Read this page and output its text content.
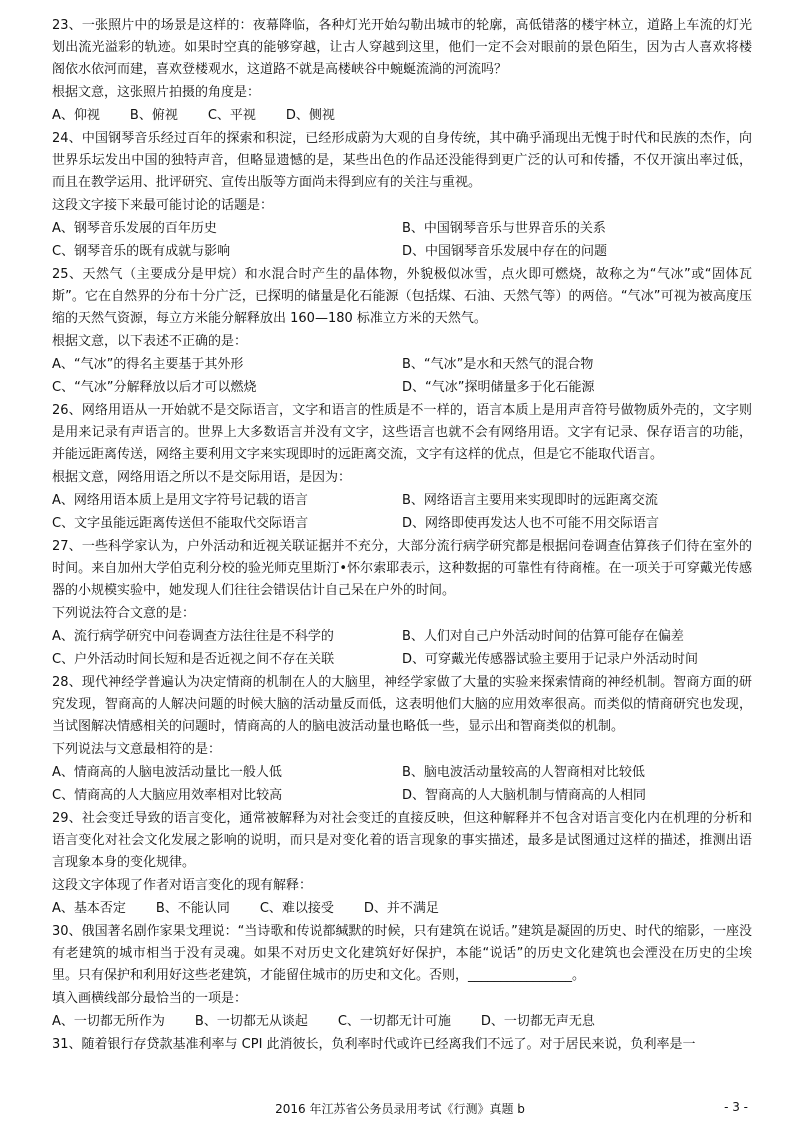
23、一张照片中的场景是这样的：夜幕降临，各种灯光开始勾勒出城市的轮廓，高低错落的楼宇林立，道路上车流的灯光划出流光溢彩的轨迹。如果时空真的能够穿越，让古人穿越到这里，他们一定不会对眼前的景色陌生，因为古人喜欢将楼阁依水依河而建，喜欢登楼观水，这道路不就是高楼峡谷中蜿蜒流淌的河流吗？

根据文意，这张照片拍摄的角度是：

A、仰视 B、俯视 C、平视 D、侧视

24、中国钢琴音乐经过百年的探索和积淀，已经形成蔚为大观的自身传统，其中确乎涌现出无愧于时代和民族的杰作，向世界乐坛发出中国的独特声音，但略显遗憾的是，某些出色的作品还没能得到更广泛的认可和传播，不仅开演出率过低，而且在教学运用、批评研究、宣传出版等方面尚未得到应有的关注与重视。

这段文字接下来最可能讨论的话题是：

A、钢琴音乐发展的百年历史	B、中国钢琴音乐与世界音乐的关系
C、钢琴音乐的既有成就与影响	D、中国钢琴音乐发展中存在的问题

25、天然气（主要成分是甲烷）和水混合时产生的晶体物，外貌极似冰雪，点火即可燃烧，故称之为“气冰”或“固体瓦斯”。它在自然界的分布十分广泛，已探明的储量是化石能源（包括煤、石油、天然气等）的两倍。“气冰”可视为被高度压缩的天然气资源，每立方米能分解释放出 160—180 标准立方米的天然气。

根据文意，以下表述不正确的是：

A、“气冰”的得名主要基于其外形	B、“气冰”是水和天然气的混合物
C、“气冰”分解释放以后才可以燃烧	D、“气冰”探明储量多于化石能源

26、网络用语从一开始就不是交际语言，文字和语言的性质是不一样的，语言本质上是用声音符号做物质外壳的，文字则是用来记录有声语言的。世界上大多数语言并没有文字，这些语言也就不会有网络用语。文字有记录、保存语言的功能，并能远距离传送，网络主要利用文字来实现即时的远距离交流，文字有这样的优点，但是它不能取代语言。

根据文意，网络用语之所以不是交际用语，是因为：

A、网络用语本质上是用文字符号记载的语言	B、网络语言主要用来实现即时的远距离交流
C、文字虽能远距离传送但不能取代交际语言	D、网络即使再发达人也不可能不用交际语言

27、一些科学家认为，户外活动和近视关联证据并不充分，大部分流行病学研究都是根据问卷调查估算孩子们待在室外的时间。来自加州大学伯克利分校的验光师克里斯汀•怀尔索耶表示，这种数据的可靠性有待商榷。在一项关于可穿戴光传感器的小规模实验中，她发现人们往往会错误估计自己呆在户外的时间。

下列说法符合文意的是：

A、流行病学研究中问卷调查方法往往是不科学的	B、人们对自己户外活动时间的估算可能存在偏差
C、户外活动时间长短和是否近视之间不存在关联	D、可穿戴光传感器试验主要用于记录户外活动时间

28、现代神经学普遍认为决定情商的机制在人的大脑里，神经学家做了大量的实验来探索情商的神经机制。智商方面的研究发现，智商高的人解决问题的时候大脑的活动量反而低，这表明他们大脑的应用效率很高。而类似的情商研究也发现，当试图解决情感相关的问题时，情商高的人的脑电波活动量也略低一些，显示出和智商类似的机制。

下列说法与文意最相符的是：

A、情商高的人脑电波活动量比一般人低	B、脑电波活动量较高的人智商相对比较低
C、情商高的人大脑应用效率相对比较高	D、智商高的人大脑机制与情商高的人相同

29、社会变迁导致的语言变化，通常被解释为对社会变迁的直接反映，但这种解释并不包含对语言变化内在机理的分析和语言变化对社会文化发展之影响的说明，而只是对变化着的语言现象的事实描述，最多是试图通过这样的描述，推测出语言现象本身的变化规律。

这段文字体现了作者对语言变化的现有解释：

A、基本否定 B、不能认同 C、难以接受 D、并不满足

30、俄国著名剧作家果戈理说：“当诗歌和传说都缄默的时候，只有建筑在说话。”建筑是凝固的历史、时代的缩影，一座没有老建筑的城市相当于没有灵魂。如果不对历史文化建筑好好保护，本能“说话”的历史文化建筑也会湮没在历史的尘埃里。只有保护和利用好这些老建筑，才能留住城市的历史和文化。否则，________________。

填入画横线部分最恰当的一项是：

A、一切都无所作为 B、一切都无从谈起 C、一切都无计可施 D、一切都无声无息

31、随着银行存贷款基准利率与 CPI 此消彼长，负利率时代或许已经离我们不远了。对于居民来说，负利率是一

2016 年江苏省公务员录用考试《行测》真题 b	- 3 -
